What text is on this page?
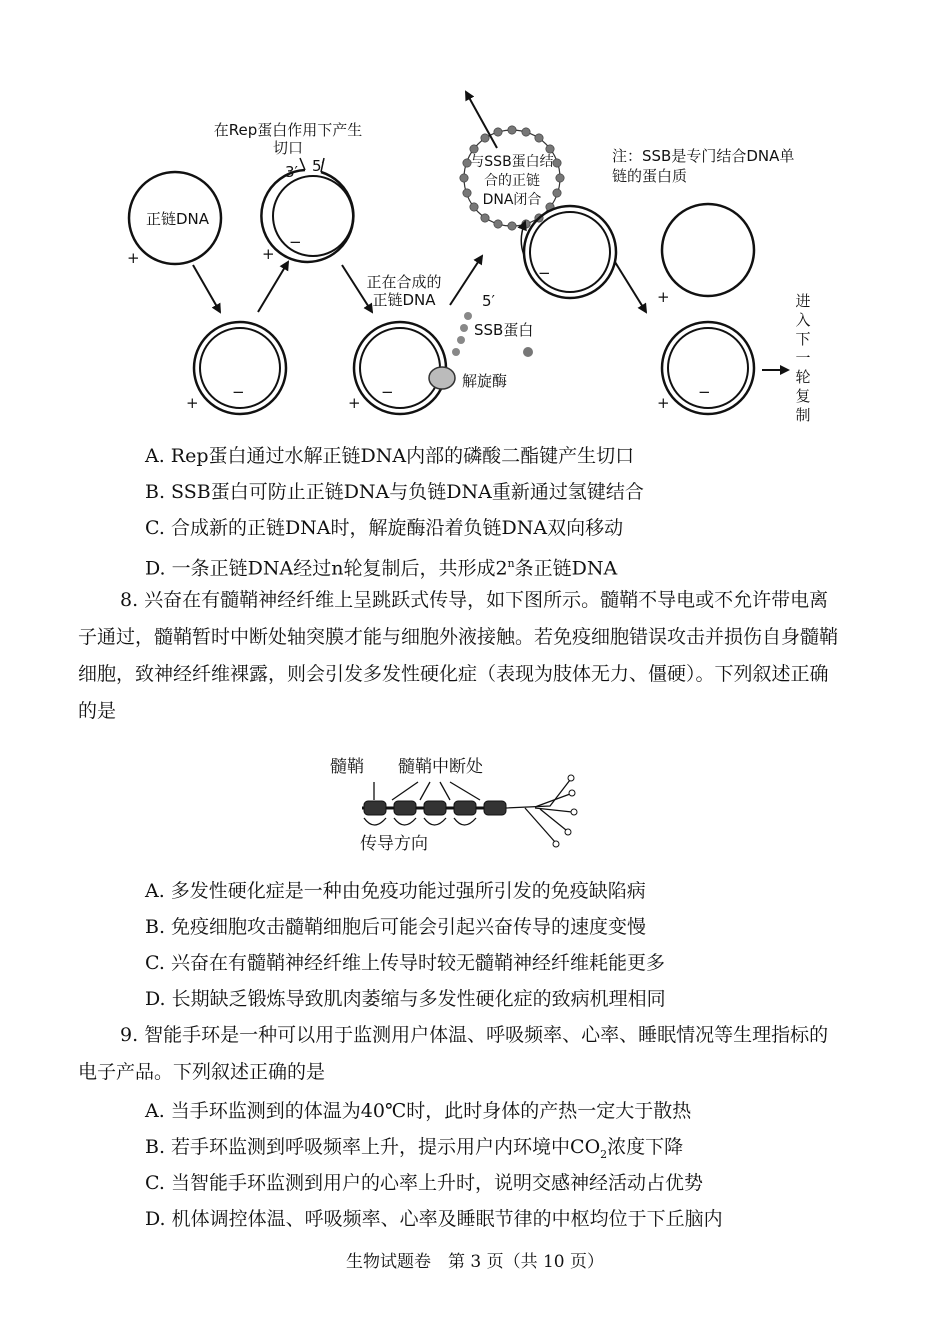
在Rep蛋白作用下产生切口
3′ 5′
正链DNA
与SSB蛋白结合的正链DNA闭合
注：SSB是专门结合DNA单链的蛋白质
正在合成的正链DNA	5′
SSB蛋白
解旋酶
进入下一轮复制
+
+
−
+
−
+
−
−
+
+
−
A. Rep蛋白通过水解正链DNA内部的磷酸二酯键产生切口
B. SSB蛋白可防止正链DNA与负链DNA重新通过氢键结合
C. 合成新的正链DNA时，解旋酶沿着负链DNA双向移动
D. 一条正链DNA经过n轮复制后，共形成2$^n$条正链DNA
8. 兴奋在有髓鞘神经纤维上呈跳跃式传导，如下图所示。髓鞘不导电或不允许带电离子通过，髓鞘暂时中断处轴突膜才能与细胞外液接触。若免疫细胞错误攻击并损伤自身髓鞘细胞，致神经纤维裸露，则会引发多发性硬化症（表现为肢体无力、僵硬）。下列叙述正确的是
髓鞘 髓鞘中断处
传导方向
A. 多发性硬化症是一种由免疫功能过强所引发的免疫缺陷病
B. 免疫细胞攻击髓鞘细胞后可能会引起兴奋传导的速度变慢
C. 兴奋在有髓鞘神经纤维上传导时较无髓鞘神经纤维耗能更多
D. 长期缺乏锻炼导致肌肉萎缩与多发性硬化症的致病机理相同
9. 智能手环是一种可以用于监测用户体温、呼吸频率、心率、睡眠情况等生理指标的电子产品。下列叙述正确的是
A. 当手环监测到的体温为40℃时，此时身体的产热一定大于散热
B. 若手环监测到呼吸频率上升，提示用户内环境中$CO_2$浓度下降
C. 当智能手环监测到用户的心率上升时，说明交感神经活动占优势
D. 机体调控体温、呼吸频率、心率及睡眠节律的中枢均位于下丘脑内
生物试题卷　第 3 页（共 10 页）
